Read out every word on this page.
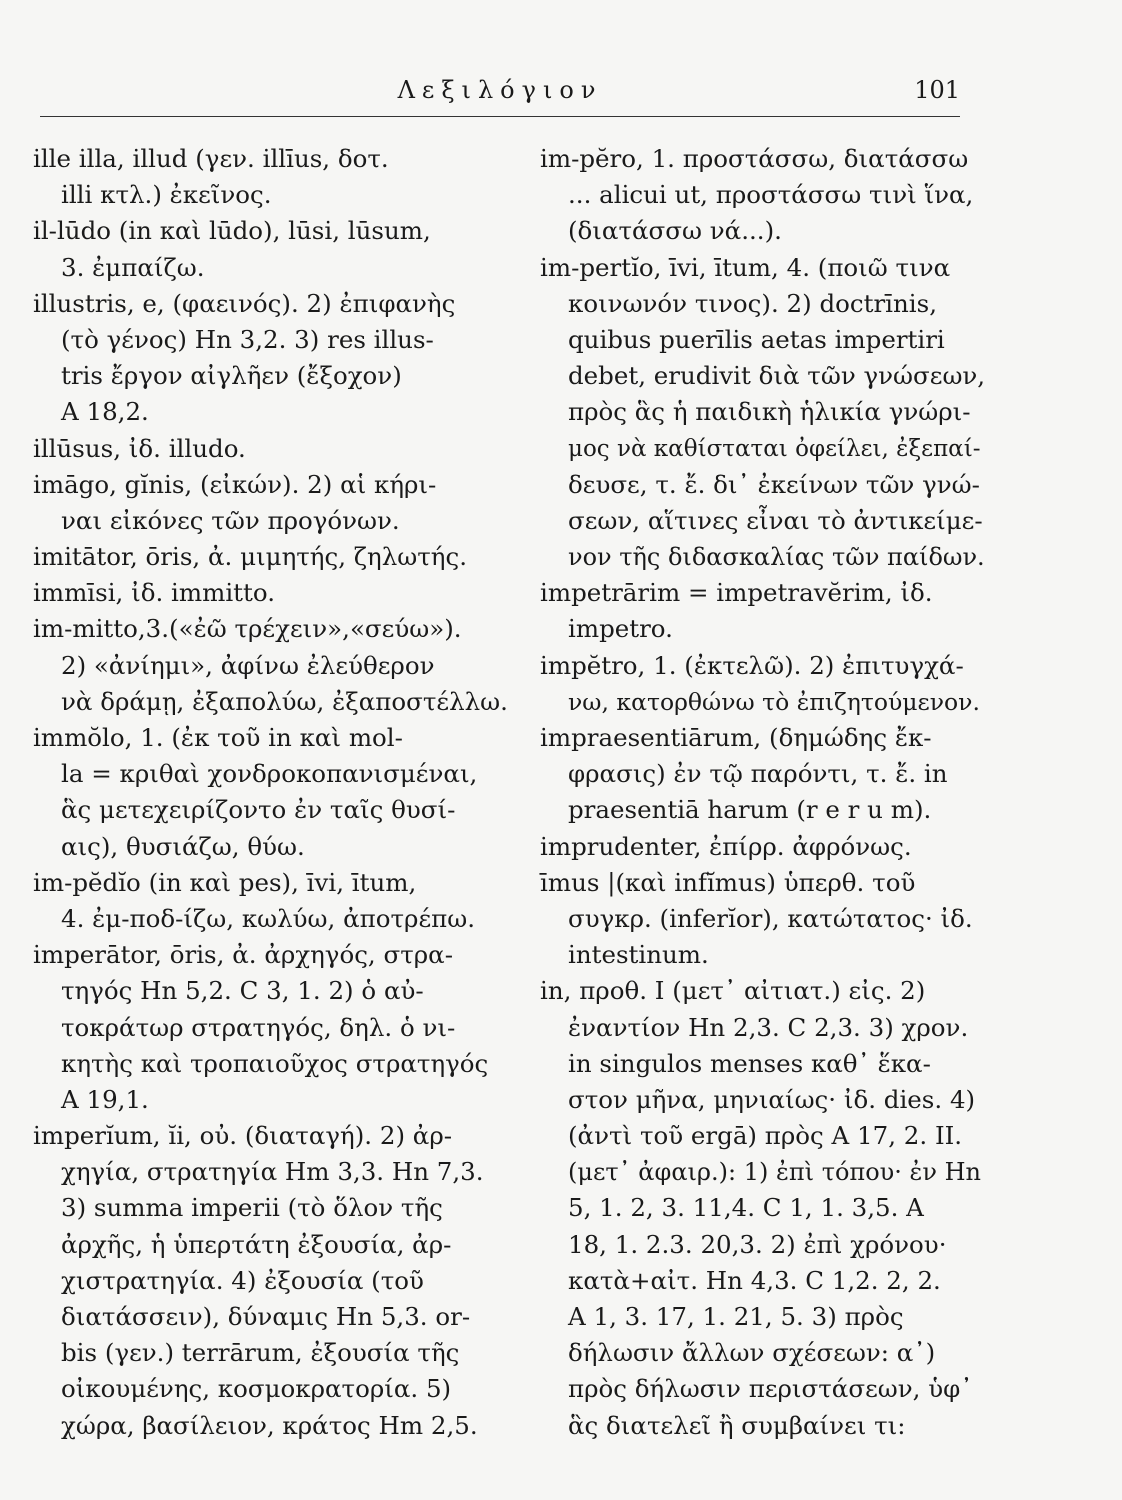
Λεξιλόγιον	101
ille illa, illud (γεν. illīus, δοτ.
illi κτλ.) ἐκεῖνος.
il-lūdo (in καὶ lūdo), lūsi, lūsum,
3. ἐμπαίζω.
illustris, e, (φαεινός). 2) ἐπιφανὴς
(τὸ γένος) Hn 3,2. 3) res illus-
tris ἔργον αἰγλῆεν (ἔξοχον)
A 18,2.
illūsus, ἰδ. illudo.
imāgo, gĭnis, (εἰκών). 2) αἱ κήρι-
ναι εἰκόνες τῶν προγόνων.
imitātor, ōris, ἀ. μιμητής, ζηλωτής.
immīsi, ἰδ. immitto.
im-mitto,3.(«ἐῶ τρέχειν»,«σεύω»).
2) «ἀνίημι», ἀφίνω ἐλεύθερον
νὰ δράμῃ, ἐξαπολύω, ἐξαποστέλλω.
immŏlo, 1. (ἐκ τοῦ in καὶ mol-
la = κριθαὶ χονδροκοπανισμέναι,
ἃς μετεχειρίζοντο ἐν ταῖς θυσί-
αις), θυσιάζω, θύω.
im-pĕdĭo (in καὶ pes), īvi, ītum,
4. ἐμ-ποδ-ίζω, κωλύω, ἀποτρέπω.
imperātor, ōris, ἀ. ἀρχηγός, στρα-
τηγός Hn 5,2. C 3, 1. 2) ὁ αὐ-
τοκράτωρ στρατηγός, δηλ. ὁ νι-
κητὴς καὶ τροπαιοῦχος στρατηγός
A 19,1.
imperĭum, ĭi, οὐ. (διαταγή). 2) ἀρ-
χηγία, στρατηγία Hm 3,3. Hn 7,3.
3) summa imperii (τὸ ὅλον τῆς
ἀρχῆς, ἡ ὑπερτάτη ἐξουσία, ἀρ-
χιστρατηγία. 4) ἐξουσία (τοῦ
διατάσσειν), δύναμις Hn 5,3. or-
bis (γεν.) terrārum, ἐξουσία τῆς
οἰκουμένης, κοσμοκρατορία. 5)
χώρα, βασίλειον, κράτος Hm 2,5.
im-pĕro, 1. προστάσσω, διατάσσω
... alicui ut, προστάσσω τινὶ ἵνα,
(διατάσσω νά...).
im-pertĭo, īvi, ītum, 4. (ποιῶ τινα
κοινωνόν τινος). 2) doctrīnis,
quibus puerīlis aetas impertiri
debet, erudivit διὰ τῶν γνώσεων,
πρὸς ἃς ἡ παιδικὴ ἡλικία γνώρι-
μος νὰ καθίσταται ὀφείλει, ἐξεπαί-
δευσε, τ. ἔ. δι᾽ ἐκείνων τῶν γνώ-
σεων, αἵτινες εἶναι τὸ ἀντικείμε-
νον τῆς διδασκαλίας τῶν παίδων.
impetrārim = impetravĕrim, ἰδ.
impetro.
impĕtro, 1. (ἐκτελῶ). 2) ἐπιτυγχά-
νω, κατορθώνω τὸ ἐπιζητούμενον.
impraesentiārum, (δημώδης ἔκ-
φρασις) ἐν τῷ παρόντι, τ. ἔ. in
praesentiā harum (r e r u m).
imprudenter, ἐπίρρ. ἀφρόνως.
īmus |(καὶ infĭmus) ὑπερθ. τοῦ
συγκρ. (inferĭor), κατώτατος· ἰδ.
intestinum.
in, προθ. I (μετ᾽ αἰτιατ.) εἰς. 2)
ἐναντίον Hn 2,3. C 2,3. 3) χρον.
in singulos menses καθ᾽ ἕκα-
στον μῆνα, μηνιαίως· ἰδ. dies. 4)
(ἀντὶ τοῦ ergā) πρὸς A 17, 2. II.
(μετ᾽ ἀφαιρ.): 1) ἐπὶ τόπου· ἐν Hn
5, 1. 2, 3. 11,4. C 1, 1. 3,5. A
18, 1. 2.3. 20,3. 2) ἐπὶ χρόνου·
κατὰ+αἰτ. Hn 4,3. C 1,2. 2, 2.
A 1, 3. 17, 1. 21, 5. 3) πρὸς
δήλωσιν ἄλλων σχέσεων: α᾽)
πρὸς δήλωσιν περιστάσεων, ὑφ᾽
ἃς διατελεῖ ἢ συμβαίνει τι:
